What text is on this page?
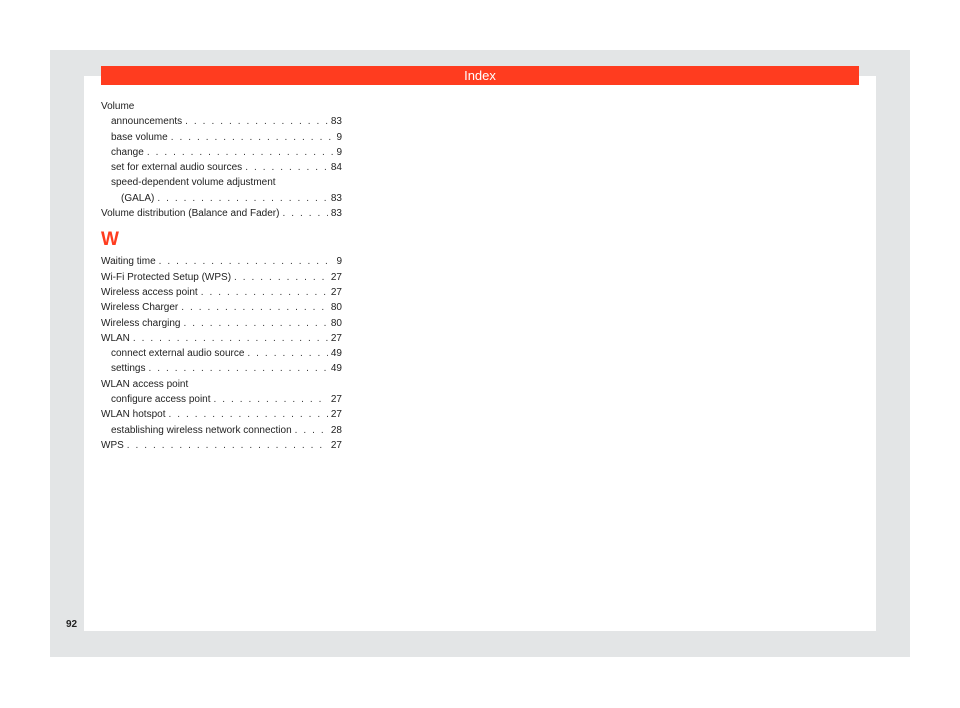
Index
Volume
announcements . . .	83
base volume . . .	9
change . . .	9
set for external audio sources . . .	84
speed-dependent volume adjustment
(GALA) . . .	83
Volume distribution (Balance and Fader) . . .	83
W
Waiting time . . .	9
Wi-Fi Protected Setup (WPS) . . .	27
Wireless access point . . .	27
Wireless Charger . . .	80
Wireless charging . . .	80
WLAN . . .	27
connect external audio source . . .	49
settings . . .	49
WLAN access point
configure access point . . .	27
WLAN hotspot . . .	27
establishing wireless network connection . . .	28
WPS . . .	27
92
